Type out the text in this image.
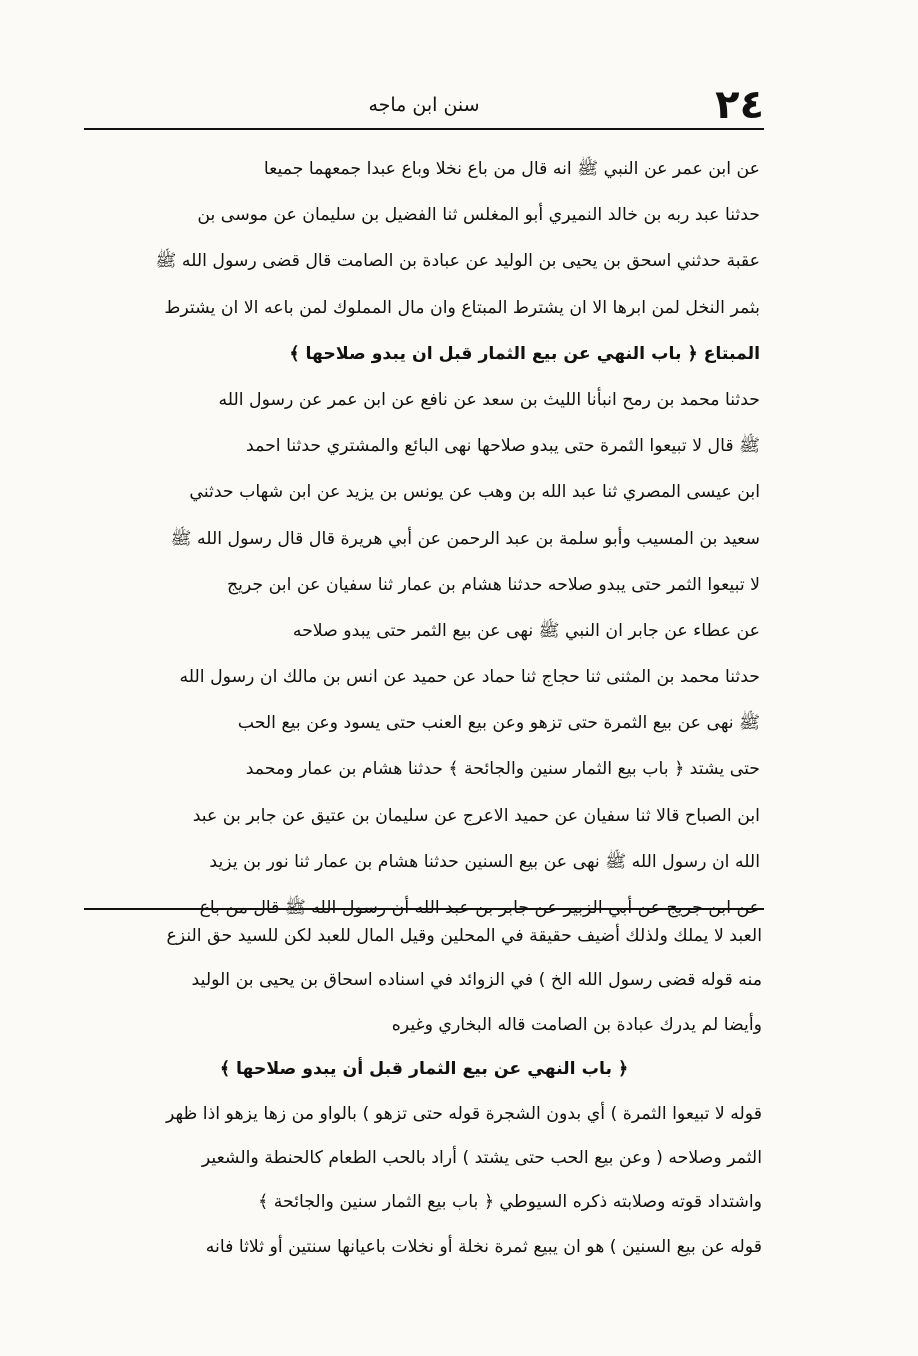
٢٤
سنن ابن ماجه
عن ابن عمر عن النبي ﷺ انه قال من باع نخلا وباع عبدا جمعهما جميعا
حدثنا عبد ربه بن خالد النميري أبو المغلس ثنا الفضيل بن سليمان عن موسى بن
عقبة حدثني اسحق بن يحيى بن الوليد عن عبادة بن الصامت قال قضى رسول الله ﷺ
بثمر النخل لمن ابرها الا ان يشترط المبتاع وان مال المملوك لمن باعه الا ان يشترط
المبتاع ﴿ باب النهي عن بيع الثمار قبل ان يبدو صلاحها ﴾
حدثنا محمد بن رمح انبأنا الليث بن سعد عن نافع عن ابن عمر عن رسول الله
ﷺ قال لا تبيعوا الثمرة حتى يبدو صلاحها نهى البائع والمشتري حدثنا احمد
ابن عيسى المصري ثنا عبد الله بن وهب عن يونس بن يزيد عن ابن شهاب حدثني
سعيد بن المسيب وأبو سلمة بن عبد الرحمن عن أبي هريرة قال قال رسول الله ﷺ
لا تبيعوا الثمر حتى يبدو صلاحه حدثنا هشام بن عمار ثنا سفيان عن ابن جريج
عن عطاء عن جابر ان النبي ﷺ نهى عن بيع الثمر حتى يبدو صلاحه
حدثنا محمد بن المثنى ثنا حجاج ثنا حماد عن حميد عن انس بن مالك ان رسول الله
ﷺ نهى عن بيع الثمرة حتى تزهو وعن بيع العنب حتى يسود وعن بيع الحب
حتى يشتد ﴿ باب بيع الثمار سنين والجائحة ﴾ حدثنا هشام بن عمار ومحمد
ابن الصباح قالا ثنا سفيان عن حميد الاعرج عن سليمان بن عتيق عن جابر بن عبد
الله ان رسول الله ﷺ نهى عن بيع السنين حدثنا هشام بن عمار ثنا نور بن يزيد
عن ابن جريج عن أبي الزبير عن جابر بن عبد الله أن رسول الله ﷺ قال من باع
العبد لا يملك ولذلك أضيف حقيقة في المحلين وقيل المال للعبد لكن للسيد حق النزع
منه قوله قضى رسول الله الخ ) في الزوائد في اسناده اسحاق بن يحيى بن الوليد
وأيضا لم يدرك عبادة بن الصامت قاله البخاري وغيره
﴿ باب النهي عن بيع الثمار قبل أن يبدو صلاحها ﴾
قوله لا تبيعوا الثمرة ) أي بدون الشجرة قوله حتى تزهو ) بالواو من زها يزهو اذا ظهر
الثمر وصلاحه ( وعن بيع الحب حتى يشتد ) أراد بالحب الطعام كالحنطة والشعير
واشتداد قوته وصلابته ذكره السيوطي ﴿ باب بيع الثمار سنين والجائحة ﴾
قوله عن بيع السنين ) هو ان يبيع ثمرة نخلة أو نخلات باعيانها سنتين أو ثلاثا فانه
